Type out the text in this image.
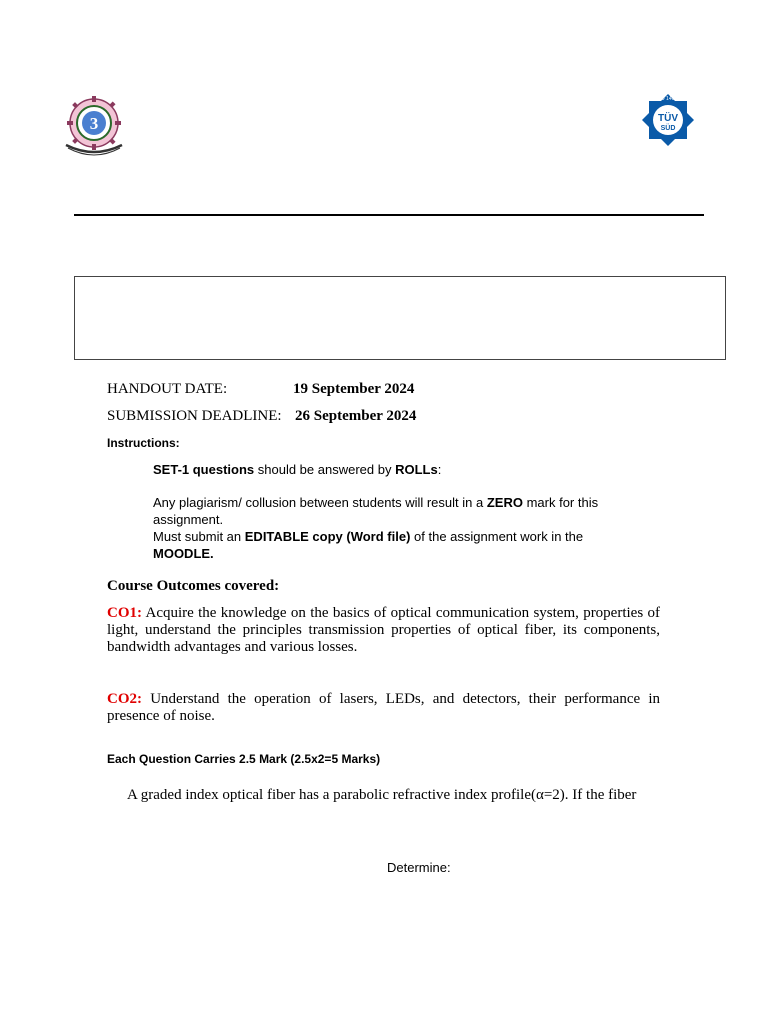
3
ISO 14001
TÜV
SÜD
HANDOUT DATE:	19 September 2024
SUBMISSION DEADLINE: 26 September 2024
Instructions:
SET-1 questions should be answered by ROLLs:
Any plagiarism/ collusion between students will result in a ZERO mark for this
assignment.
Must submit an EDITABLE copy (Word file) of the assignment work in the
MOODLE.
Course Outcomes covered:
CO1: Acquire the knowledge on the basics of optical communication system, properties of light, understand the principles transmission properties of optical fiber, its components, bandwidth advantages and various losses.
CO2: Understand the operation of lasers, LEDs, and detectors, their performance in presence of noise.
Each Question Carries 2.5 Mark (2.5x2=5 Marks)
A graded index optical fiber has a parabolic refractive index profile(α=2). If the fiber
Determine:
